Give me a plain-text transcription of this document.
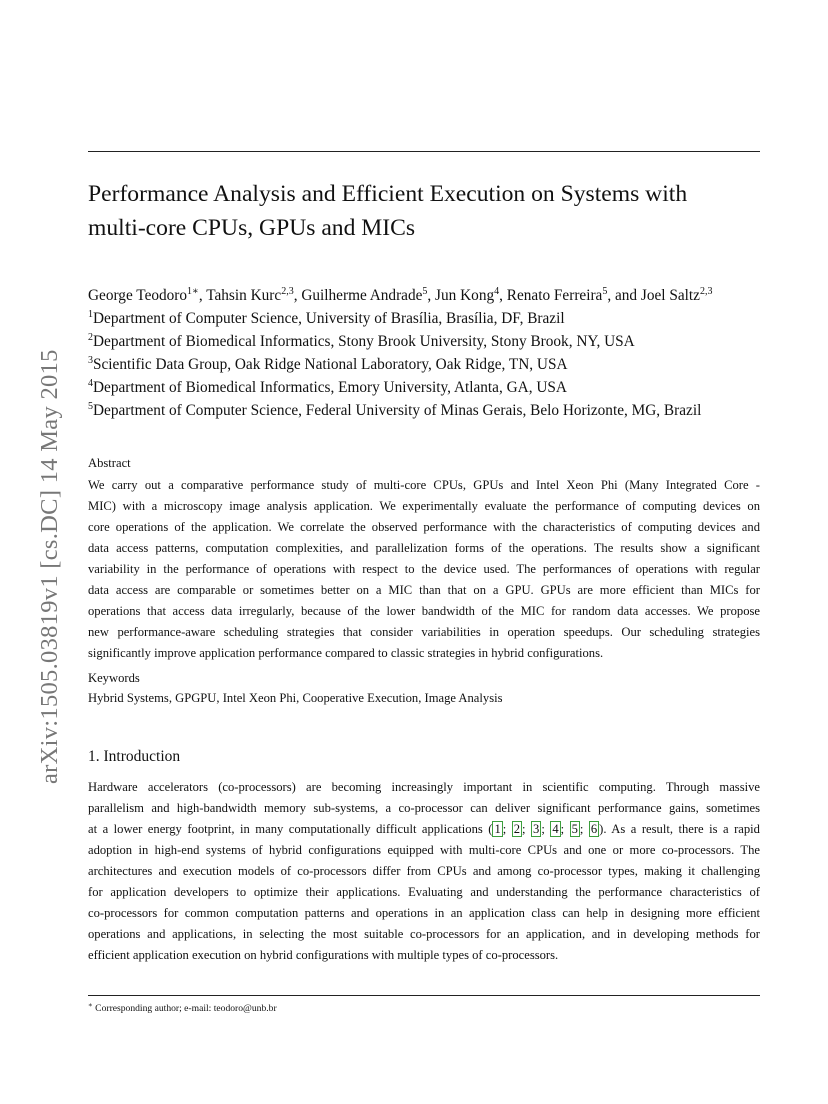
arXiv:1505.03819v1 [cs.DC] 14 May 2015
Performance Analysis and Efficient Execution on Systems with
multi-core CPUs, GPUs and MICs
George Teodoro$^{1∗}$, Tahsin Kurc$^{2,3}$, Guilherme Andrade$^5$, Jun Kong$^4$, Renato Ferreira$^5$, and Joel Saltz$^{2,3}$
$^1$Department of Computer Science, University of Brasília, Brasília, DF, Brazil
$^2$Department of Biomedical Informatics, Stony Brook University, Stony Brook, NY, USA
$^3$Scientific Data Group, Oak Ridge National Laboratory, Oak Ridge, TN, USA
$^4$Department of Biomedical Informatics, Emory University, Atlanta, GA, USA
$^5$Department of Computer Science, Federal University of Minas Gerais, Belo Horizonte, MG, Brazil
Abstract
We carry out a comparative performance study of multi-core CPUs, GPUs and Intel Xeon Phi (Many Integrated Core -
MIC) with a microscopy image analysis application. We experimentally evaluate the performance of computing devices on
core operations of the application. We correlate the observed performance with the characteristics of computing devices and
data access patterns, computation complexities, and parallelization forms of the operations. The results show a significant
variability in the performance of operations with respect to the device used. The performances of operations with regular
data access are comparable or sometimes better on a MIC than that on a GPU. GPUs are more efficient than MICs for
operations that access data irregularly, because of the lower bandwidth of the MIC for random data accesses. We propose
new performance-aware scheduling strategies that consider variabilities in operation speedups. Our scheduling strategies
significantly improve application performance compared to classic strategies in hybrid configurations.
Keywords
Hybrid Systems, GPGPU, Intel Xeon Phi, Cooperative Execution, Image Analysis
1. Introduction
Hardware accelerators (co-processors) are becoming increasingly important in scientific computing. Through massive
parallelism and high-bandwidth memory sub-systems, a co-processor can deliver significant performance gains, sometimes
at a lower energy footprint, in many computationally difficult applications ( 1 ; 2 ; 3 ; 4 ; 5 ; 6 ). As a result, there is a rapid
adoption in high-end systems of hybrid configurations equipped with multi-core CPUs and one or more co-processors. The
architectures and execution models of co-processors differ from CPUs and among co-processor types, making it challenging
for application developers to optimize their applications. Evaluating and understanding the performance characteristics of
co-processors for common computation patterns and operations in an application class can help in designing more efficient
operations and applications, in selecting the most suitable co-processors for an application, and in developing methods for
efficient application execution on hybrid configurations with multiple types of co-processors.
∗ Corresponding author; e-mail: teodoro@unb.br
